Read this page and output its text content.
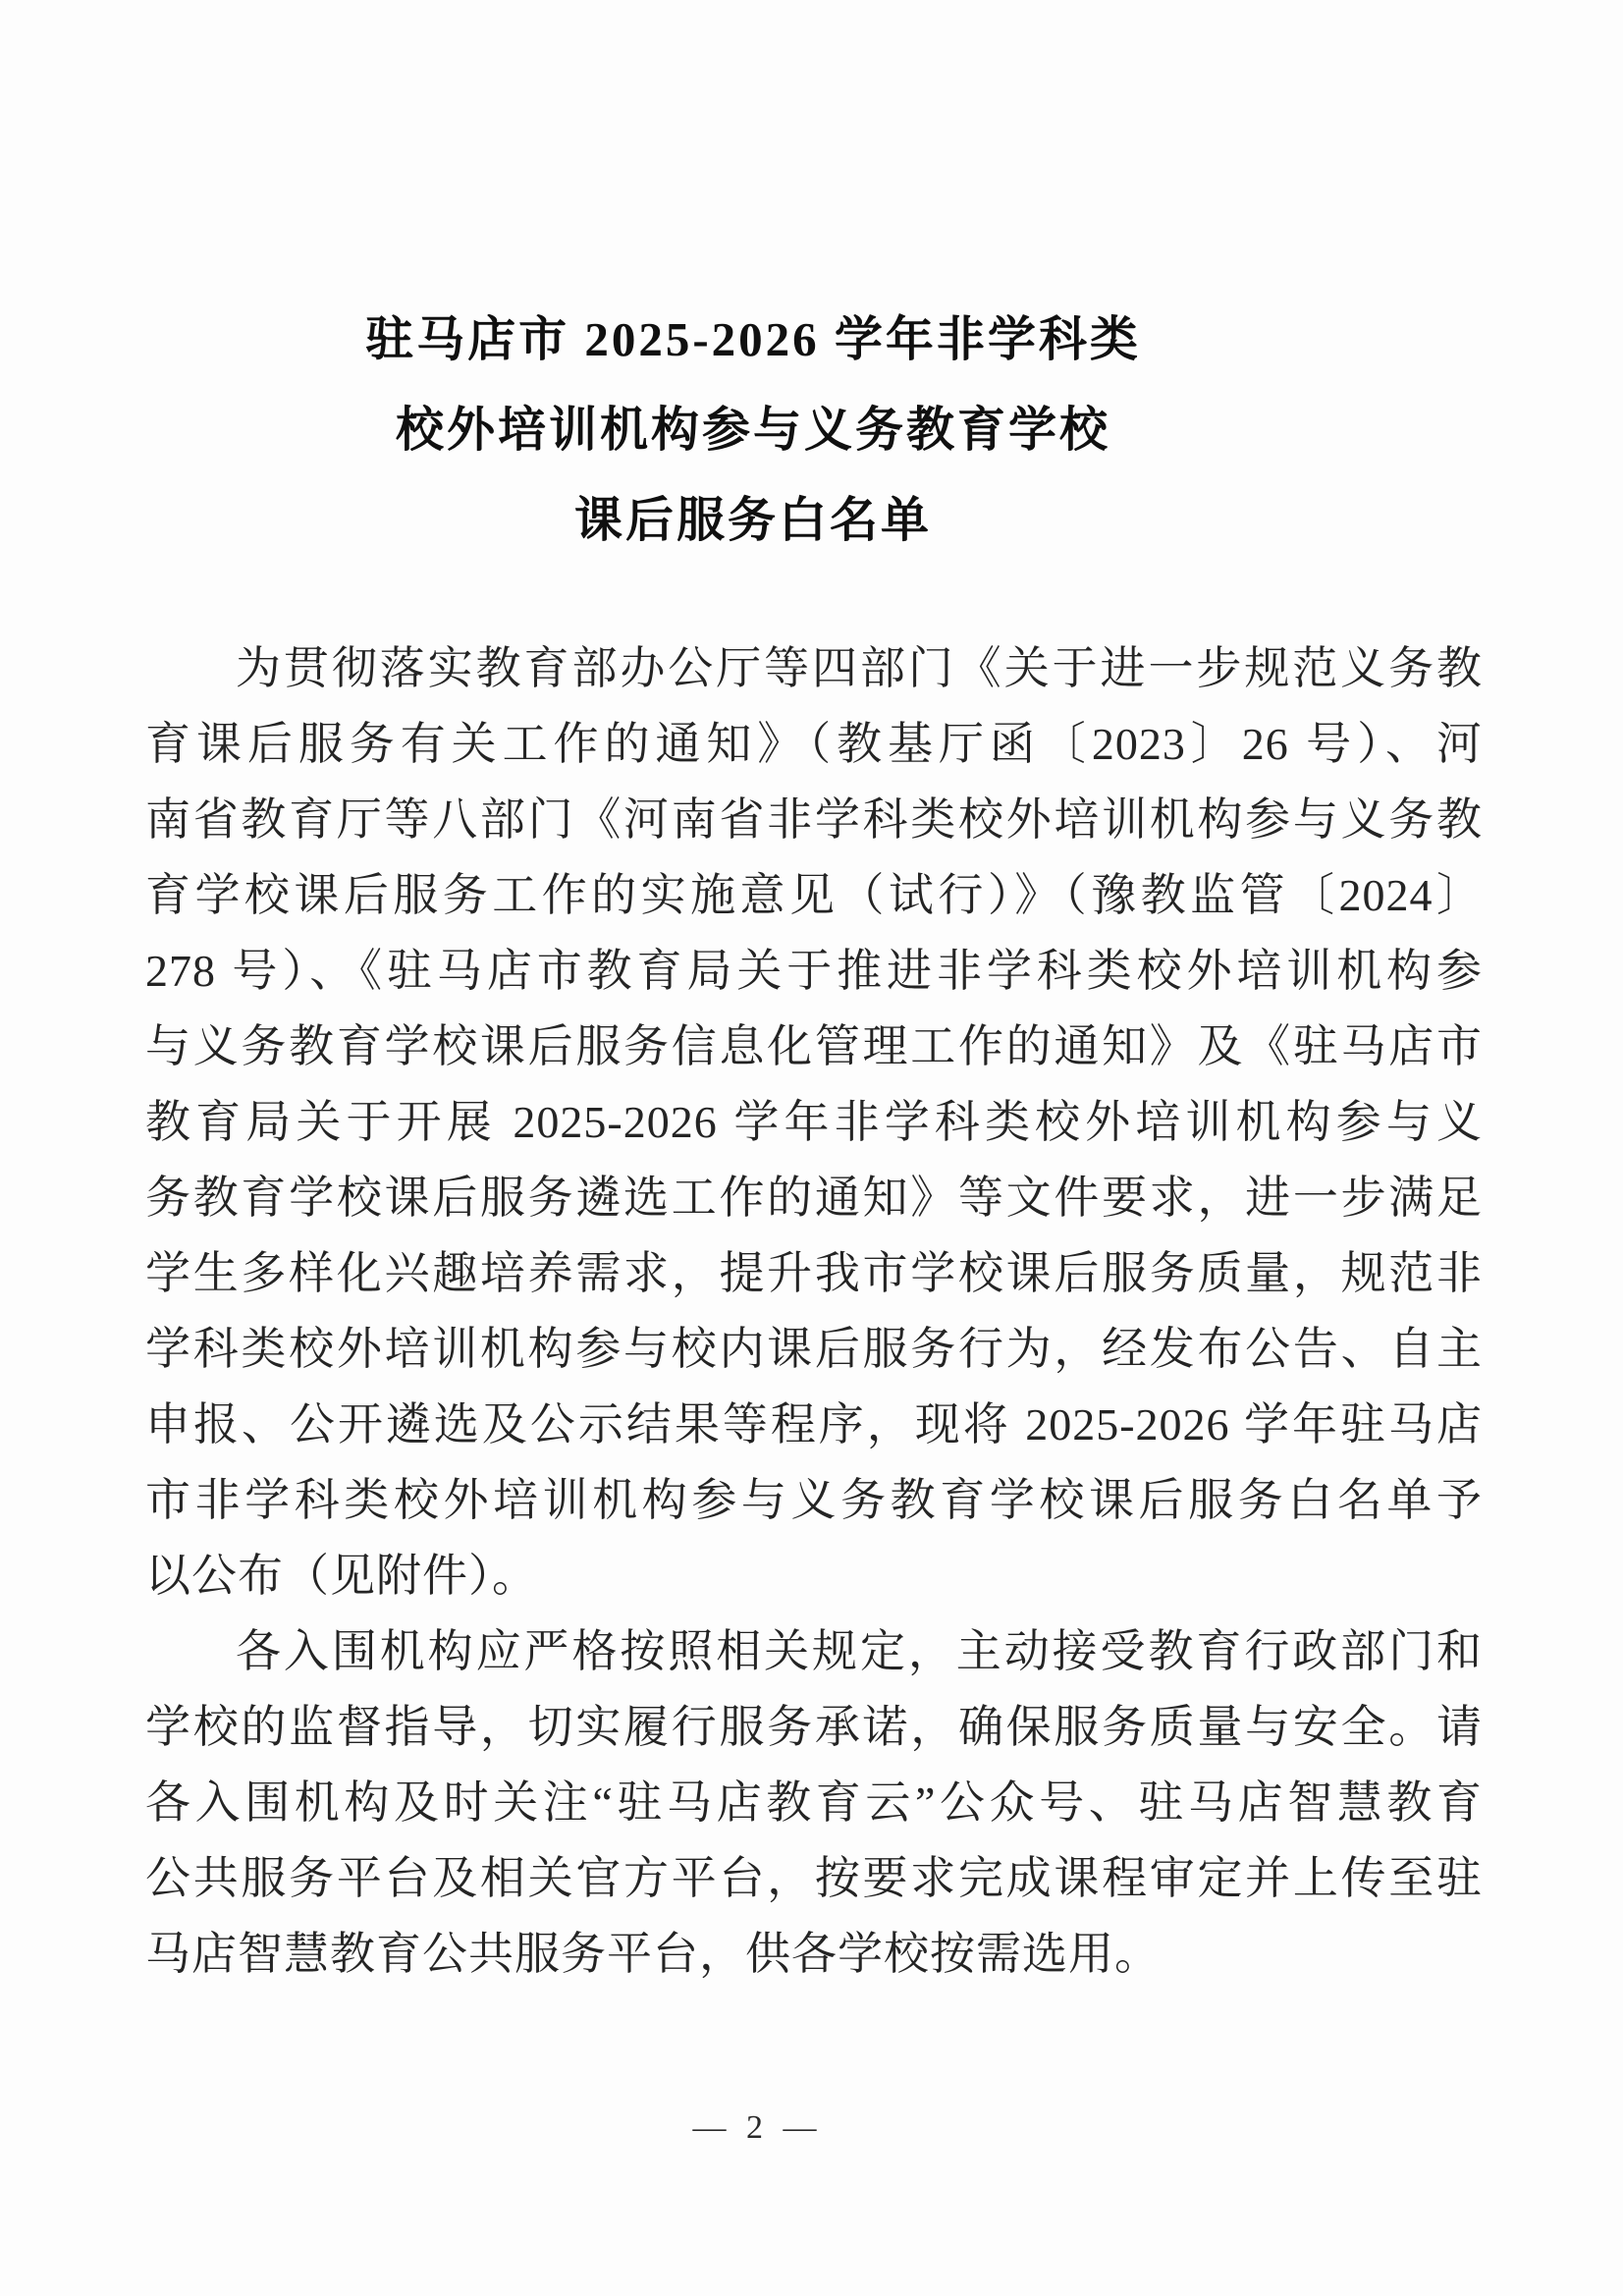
驻马店市 2025-2026 学年非学科类
校外培训机构参与义务教育学校
课后服务白名单
为贯彻落实教育部办公厅等四部门《关于进一步规范义务教
育课后服务有关工作的通知》（教基厅函〔2023〕26 号）、河
南省教育厅等八部门《河南省非学科类校外培训机构参与义务教
育学校课后服务工作的实施意见（试行）》（豫教监管〔2024〕
278 号）、《驻马店市教育局关于推进非学科类校外培训机构参
与义务教育学校课后服务信息化管理工作的通知》及《驻马店市
教育局关于开展 2025-2026 学年非学科类校外培训机构参与义
务教育学校课后服务遴选工作的通知》等文件要求，进一步满足
学生多样化兴趣培养需求，提升我市学校课后服务质量，规范非
学科类校外培训机构参与校内课后服务行为，经发布公告、自主
申报、公开遴选及公示结果等程序，现将 2025-2026 学年驻马店
市非学科类校外培训机构参与义务教育学校课后服务白名单予
以公布（见附件）。
各入围机构应严格按照相关规定，主动接受教育行政部门和
学校的监督指导，切实履行服务承诺，确保服务质量与安全。请
各入围机构及时关注“驻马店教育云”公众号、驻马店智慧教育
公共服务平台及相关官方平台，按要求完成课程审定并上传至驻
马店智慧教育公共服务平台，供各学校按需选用。
— 2 —
